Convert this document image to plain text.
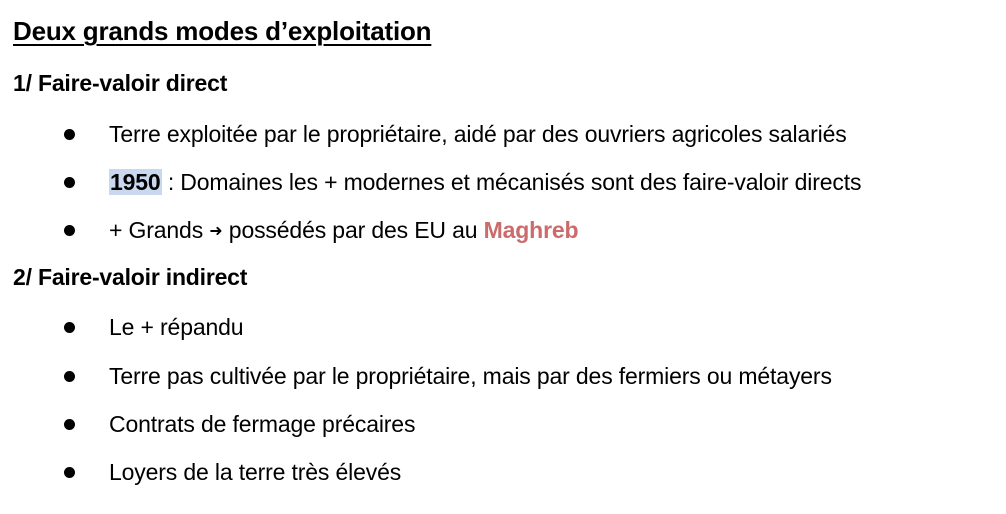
Deux grands modes d’exploitation
1/ Faire-valoir direct
Terre exploitée par le propriétaire, aidé par des ouvriers agricoles salariés
1950 : Domaines les + modernes et mécanisés sont des faire-valoir directs
+ Grands ➜ possédés par des EU au Maghreb
2/ Faire-valoir indirect
Le + répandu
Terre pas cultivée par le propriétaire, mais par des fermiers ou métayers
Contrats de fermage précaires
Loyers de la terre très élevés
